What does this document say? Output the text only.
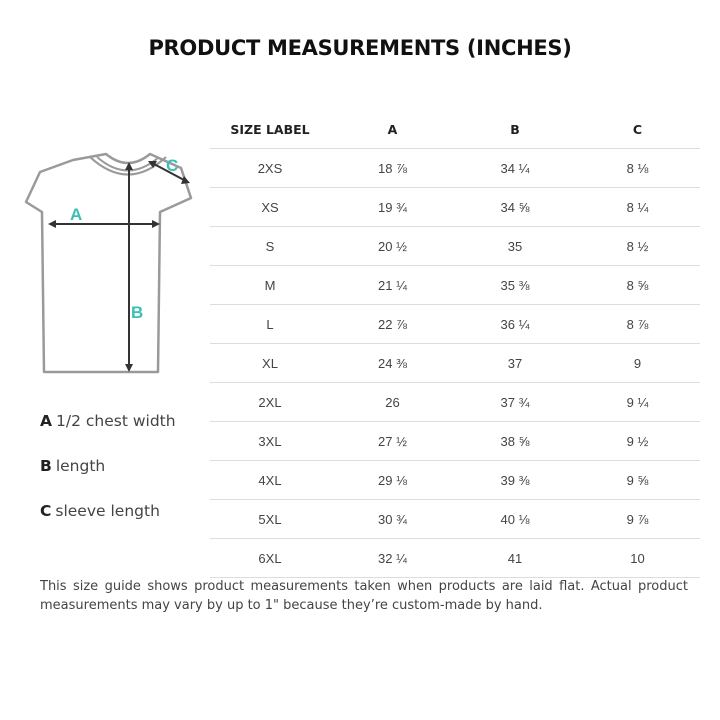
PRODUCT MEASUREMENTS (INCHES)
A
B
C
A 1/2 chest width
B length
C sleeve length
SIZE LABEL	A	B	C
2XS	18 ⅞	34 ¼	8 ⅛
XS	19 ¾	34 ⅝	8 ¼
S	20 ½	35	8 ½
M	21 ¼	35 ⅜	8 ⅝
L	22 ⅞	36 ¼	8 ⅞
XL	24 ⅜	37	9
2XL	26	37 ¾	9 ¼
3XL	27 ½	38 ⅝	9 ½
4XL	29 ⅛	39 ⅜	9 ⅝
5XL	30 ¾	40 ⅛	9 ⅞
6XL	32 ¼	41	10
This size guide shows product measurements taken when products are laid flat. Actual product measurements may vary by up to 1" because they’re custom-made by hand.
